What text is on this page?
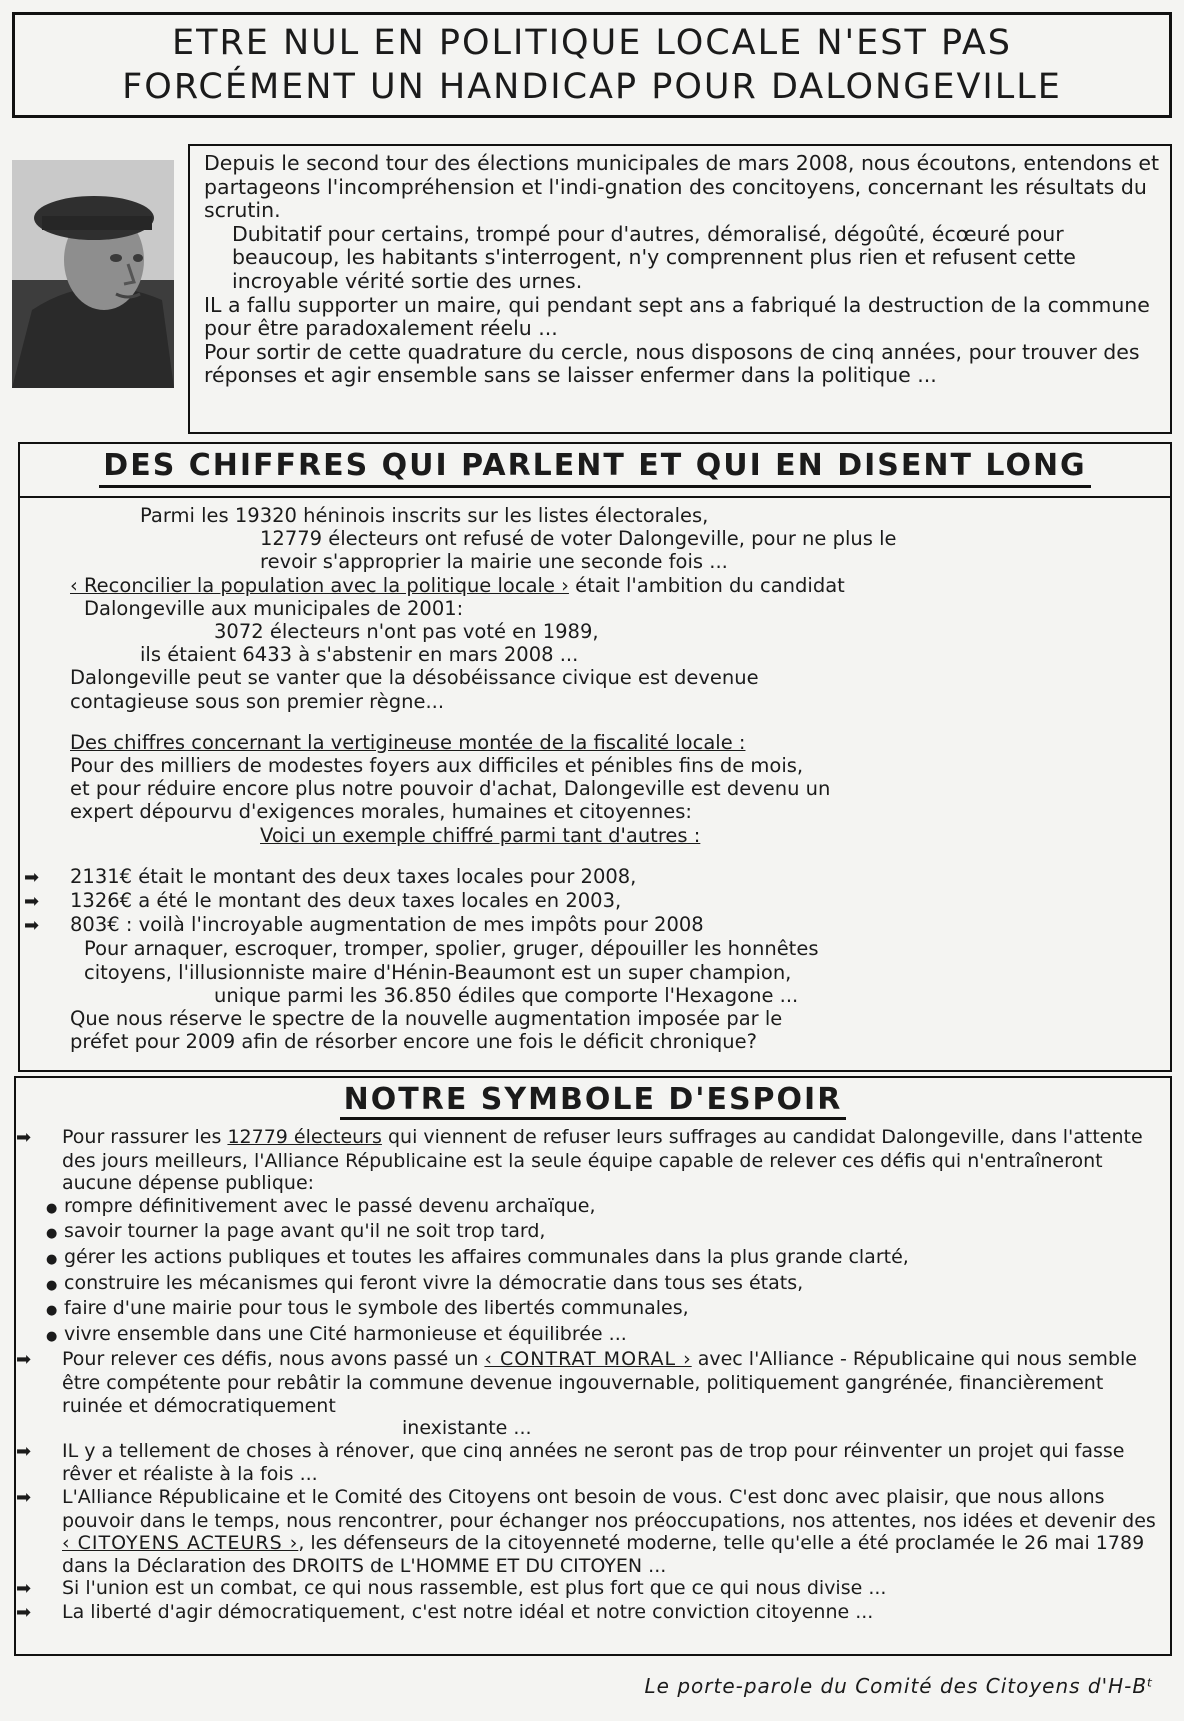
ETRE NUL EN POLITIQUE LOCALE N'EST PAS
FORCÉMENT UN HANDICAP POUR DALONGEVILLE

Depuis le second tour des élections municipales de mars 2008, nous écoutons, entendons et partageons l'incompréhension et l'indi-gnation des concitoyens, concernant les résultats du scrutin.

Dubitatif pour certains, trompé pour d'autres, démoralisé, dégoûté, écœuré pour beaucoup, les habitants s'interrogent, n'y comprennent plus rien et refusent cette incroyable vérité sortie des urnes.

IL a fallu supporter un maire, qui pendant sept ans a fabriqué la destruction de la commune pour être paradoxalement réelu ...

Pour sortir de cette quadrature du cercle, nous disposons de cinq années, pour trouver des réponses et agir ensemble sans se laisser enfermer dans la politique ...

DES CHIFFRES QUI PARLENT ET QUI EN DISENT LONG

Parmi les 19320 héninois inscrits sur les listes électorales,

12779 électeurs ont refusé de voter Dalongeville, pour ne plus le

revoir s'approprier la mairie une seconde fois ...

‹ Reconcilier la population avec la politique locale › était l'ambition du candidat

Dalongeville aux municipales de 2001:

3072 électeurs n'ont pas voté en 1989,

ils étaient 6433 à s'abstenir en mars 2008 ...

Dalongeville peut se vanter que la désobéissance civique est devenue

contagieuse sous son premier règne...

Des chiffres concernant la vertigineuse montée de la fiscalité locale :

Pour des milliers de modestes foyers aux difficiles et pénibles fins de mois,

et pour réduire encore plus notre pouvoir d'achat, Dalongeville est devenu un

expert dépourvu d'exigences morales, humaines et citoyennes:

Voici un exemple chiffré parmi tant d'autres :

➡ 2131€ était le montant des deux taxes locales pour 2008,

➡ 1326€ a été le montant des deux taxes locales en 2003,

➡ 803€ : voilà l'incroyable augmentation de mes impôts pour 2008

Pour arnaquer, escroquer, tromper, spolier, gruger, dépouiller les honnêtes

citoyens, l'illusionniste maire d'Hénin-Beaumont est un super champion,

unique parmi les 36.850 édiles que comporte l'Hexagone ...

Que nous réserve le spectre de la nouvelle augmentation imposée par le

préfet pour 2009 afin de résorber encore une fois le déficit chronique?

NOTRE SYMBOLE D'ESPOIR

➡ Pour rassurer les 12779 électeurs qui viennent de refuser leurs suffrages au candidat Dalongeville, dans l'attente des jours meilleurs, l'Alliance Républicaine est la seule équipe capable de relever ces défis qui n'entraîneront aucune dépense publique:

● rompre définitivement avec le passé devenu archaïque,
● savoir tourner la page avant qu'il ne soit trop tard,
● gérer les actions publiques et toutes les affaires communales dans la plus grande clarté,
● construire les mécanismes qui feront vivre la démocratie dans tous ses états,
● faire d'une mairie pour tous le symbole des libertés communales,
● vivre ensemble dans une Cité harmonieuse et équilibrée ...

➡ Pour relever ces défis, nous avons passé un ‹ CONTRAT MORAL › avec l'Alliance - Républicaine qui nous semble être compétente pour rebâtir la commune devenue ingouvernable, politiquement gangrénée, financièrement ruinée et démocratiquement

inexistante ...

➡ IL y a tellement de choses à rénover, que cinq années ne seront pas de trop pour réinventer un projet qui fasse rêver et réaliste à la fois ...

➡ L'Alliance Républicaine et le Comité des Citoyens ont besoin de vous. C'est donc avec plaisir, que nous allons pouvoir dans le temps, nous rencontrer, pour échanger nos préoccupations, nos attentes, nos idées et devenir des ‹ CITOYENS ACTEURS ›, les défenseurs de la citoyenneté moderne, telle qu'elle a été proclamée le 26 mai 1789 dans la Déclaration des DROITS de L'HOMME ET DU CITOYEN ...

➡ Si l'union est un combat, ce qui nous rassemble, est plus fort que ce qui nous divise ...

➡ La liberté d'agir démocratiquement, c'est notre idéal et notre conviction citoyenne ...

Le porte-parole du Comité des Citoyens d'H-Bᵗ
